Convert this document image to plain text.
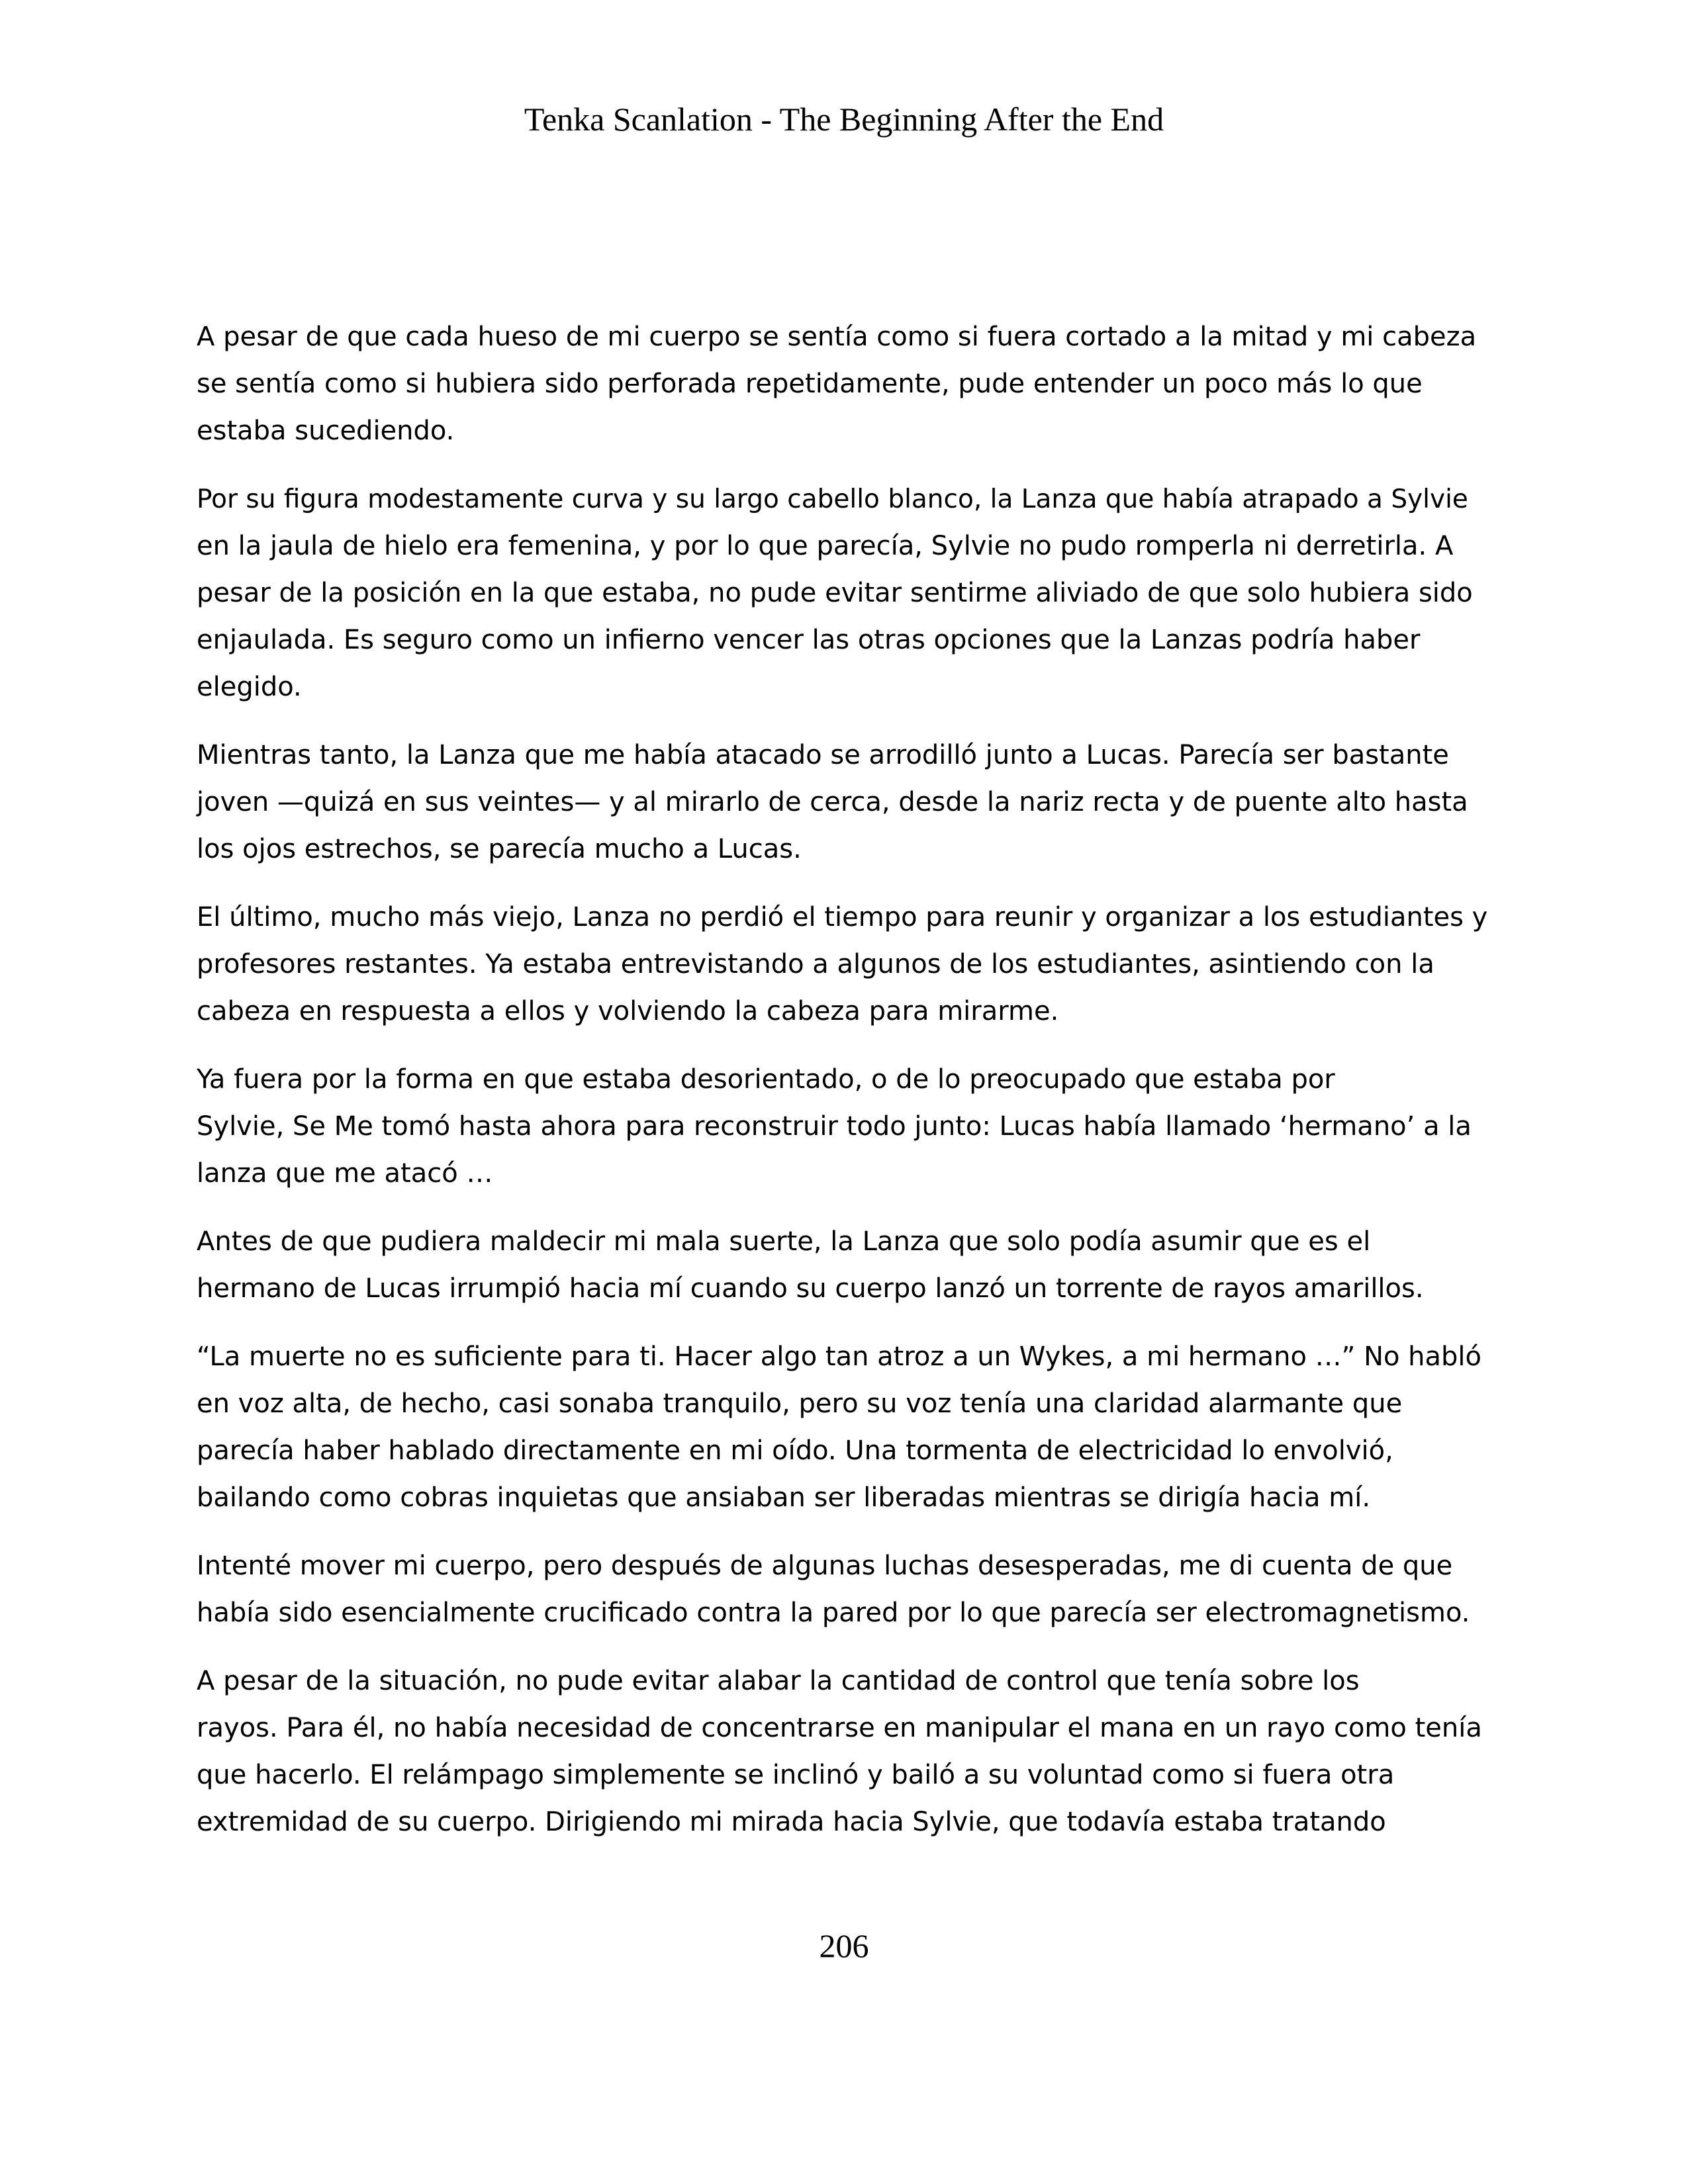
Tenka Scanlation - The Beginning After the End

A pesar de que cada hueso de mi cuerpo se sentía como si fuera cortado a la mitad y mi cabeza
se sentía como si hubiera sido perforada repetidamente, pude entender un poco más lo que
estaba sucediendo.

Por su figura modestamente curva y su largo cabello blanco, la Lanza que había atrapado a Sylvie
en la jaula de hielo era femenina, y por lo que parecía, Sylvie no pudo romperla ni derretirla. A
pesar de la posición en la que estaba, no pude evitar sentirme aliviado de que solo hubiera sido
enjaulada. Es seguro como un infierno vencer las otras opciones que la Lanzas podría haber
elegido.

Mientras tanto, la Lanza que me había atacado se arrodilló junto a Lucas. Parecía ser bastante
joven —quizá en sus veintes— y al mirarlo de cerca, desde la nariz recta y de puente alto hasta
los ojos estrechos, se parecía mucho a Lucas.

El último, mucho más viejo, Lanza no perdió el tiempo para reunir y organizar a los estudiantes y
profesores restantes. Ya estaba entrevistando a algunos de los estudiantes, asintiendo con la
cabeza en respuesta a ellos y volviendo la cabeza para mirarme.

Ya fuera por la forma en que estaba desorientado, o de lo preocupado que estaba por
Sylvie, Se Me tomó hasta ahora para reconstruir todo junto: Lucas había llamado ‘hermano’ a la
lanza que me atacó …

Antes de que pudiera maldecir mi mala suerte, la Lanza que solo podía asumir que es el
hermano de Lucas irrumpió hacia mí cuando su cuerpo lanzó un torrente de rayos amarillos.

“La muerte no es suficiente para ti. Hacer algo tan atroz a un Wykes, a mi hermano …” No habló
en voz alta, de hecho, casi sonaba tranquilo, pero su voz tenía una claridad alarmante que
parecía haber hablado directamente en mi oído. Una tormenta de electricidad lo envolvió,
bailando como cobras inquietas que ansiaban ser liberadas mientras se dirigía hacia mí.

Intenté mover mi cuerpo, pero después de algunas luchas desesperadas, me di cuenta de que
había sido esencialmente crucificado contra la pared por lo que parecía ser electromagnetismo.

A pesar de la situación, no pude evitar alabar la cantidad de control que tenía sobre los
rayos. Para él, no había necesidad de concentrarse en manipular el mana en un rayo como tenía
que hacerlo. El relámpago simplemente se inclinó y bailó a su voluntad como si fuera otra
extremidad de su cuerpo. Dirigiendo mi mirada hacia Sylvie, que todavía estaba tratando

206
